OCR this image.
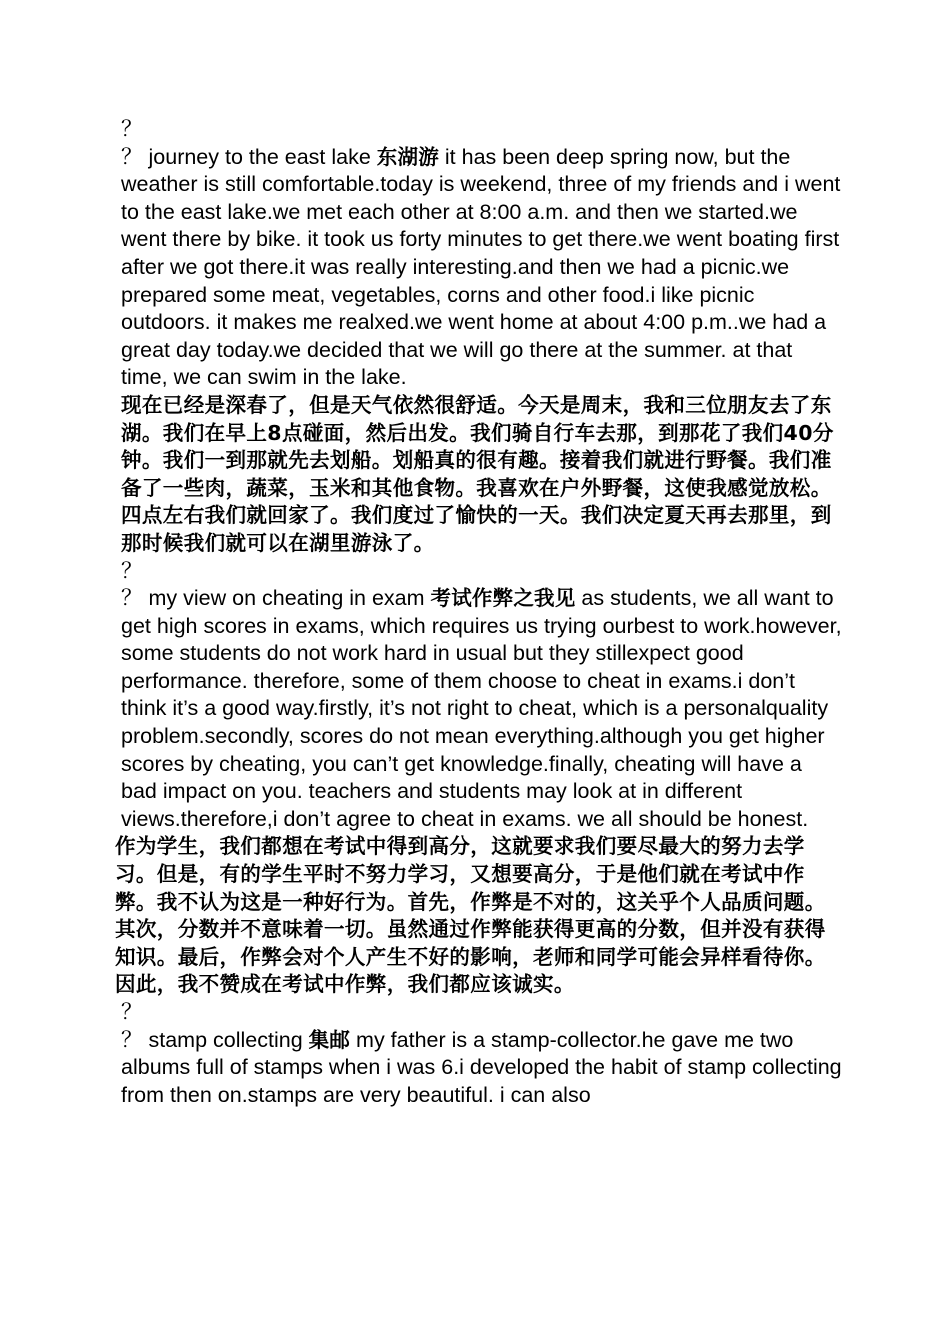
？

？ journey to the east lake 东湖游 it has been deep spring now, but the weather is still comfortable.today is weekend, three of my friends and i went to the east lake.we met each other at 8:00 a.m. and then we started.we went there by bike. it took us forty minutes to get there.we went boating first after we got there.it was really interesting.and then we had a picnic.we prepared some meat, vegetables, corns and other food.i like picnic outdoors. it makes me realxed.we went home at about 4:00 p.m..we had a great day today.we decided that we will go there at the summer. at that time, we can swim in the lake.

现在已经是深春了，但是天气依然很舒适。今天是周末，我和三位朋友去了东湖。我们在早上8点碰面，然后出发。我们骑自行车去那，到那花了我们40分钟。我们一到那就先去划船。划船真的很有趣。接着我们就进行野餐。我们准备了一些肉，蔬菜，玉米和其他食物。我喜欢在户外野餐，这使我感觉放松。四点左右我们就回家了。我们度过了愉快的一天。我们决定夏天再去那里，到那时候我们就可以在湖里游泳了。

？

？ my view on cheating in exam 考试作弊之我见 as students, we all want to get high scores in exams, which requires us trying ourbest to work.however, some students do not work hard in usual but they stillexpect good performance. therefore, some of them choose to cheat in exams.i don’t think it’s a good way.firstly, it’s not right to cheat, which is a personalquality problem.secondly, scores do not mean everything.although you get higher scores by cheating, you can’t get knowledge.finally, cheating will have a bad impact on you. teachers and students may look at in different views.therefore,i don’t agree to cheat in exams. we all should be honest.

作为学生，我们都想在考试中得到高分，这就要求我们要尽最大的努力去学习。但是，有的学生平时不努力学习，又想要高分，于是他们就在考试中作弊。我不认为这是一种好行为。首先，作弊是不对的，这关乎个人品质问题。其次，分数并不意味着一切。虽然通过作弊能获得更高的分数，但并没有获得知识。最后，作弊会对个人产生不好的影响，老师和同学可能会异样看待你。因此，我不赞成在考试中作弊，我们都应该诚实。

？

？ stamp collecting 集邮 my father is a stamp-collector.he gave me two albums full of stamps when i was 6.i developed the habit of stamp collecting from then on.stamps are very beautiful. i can also
